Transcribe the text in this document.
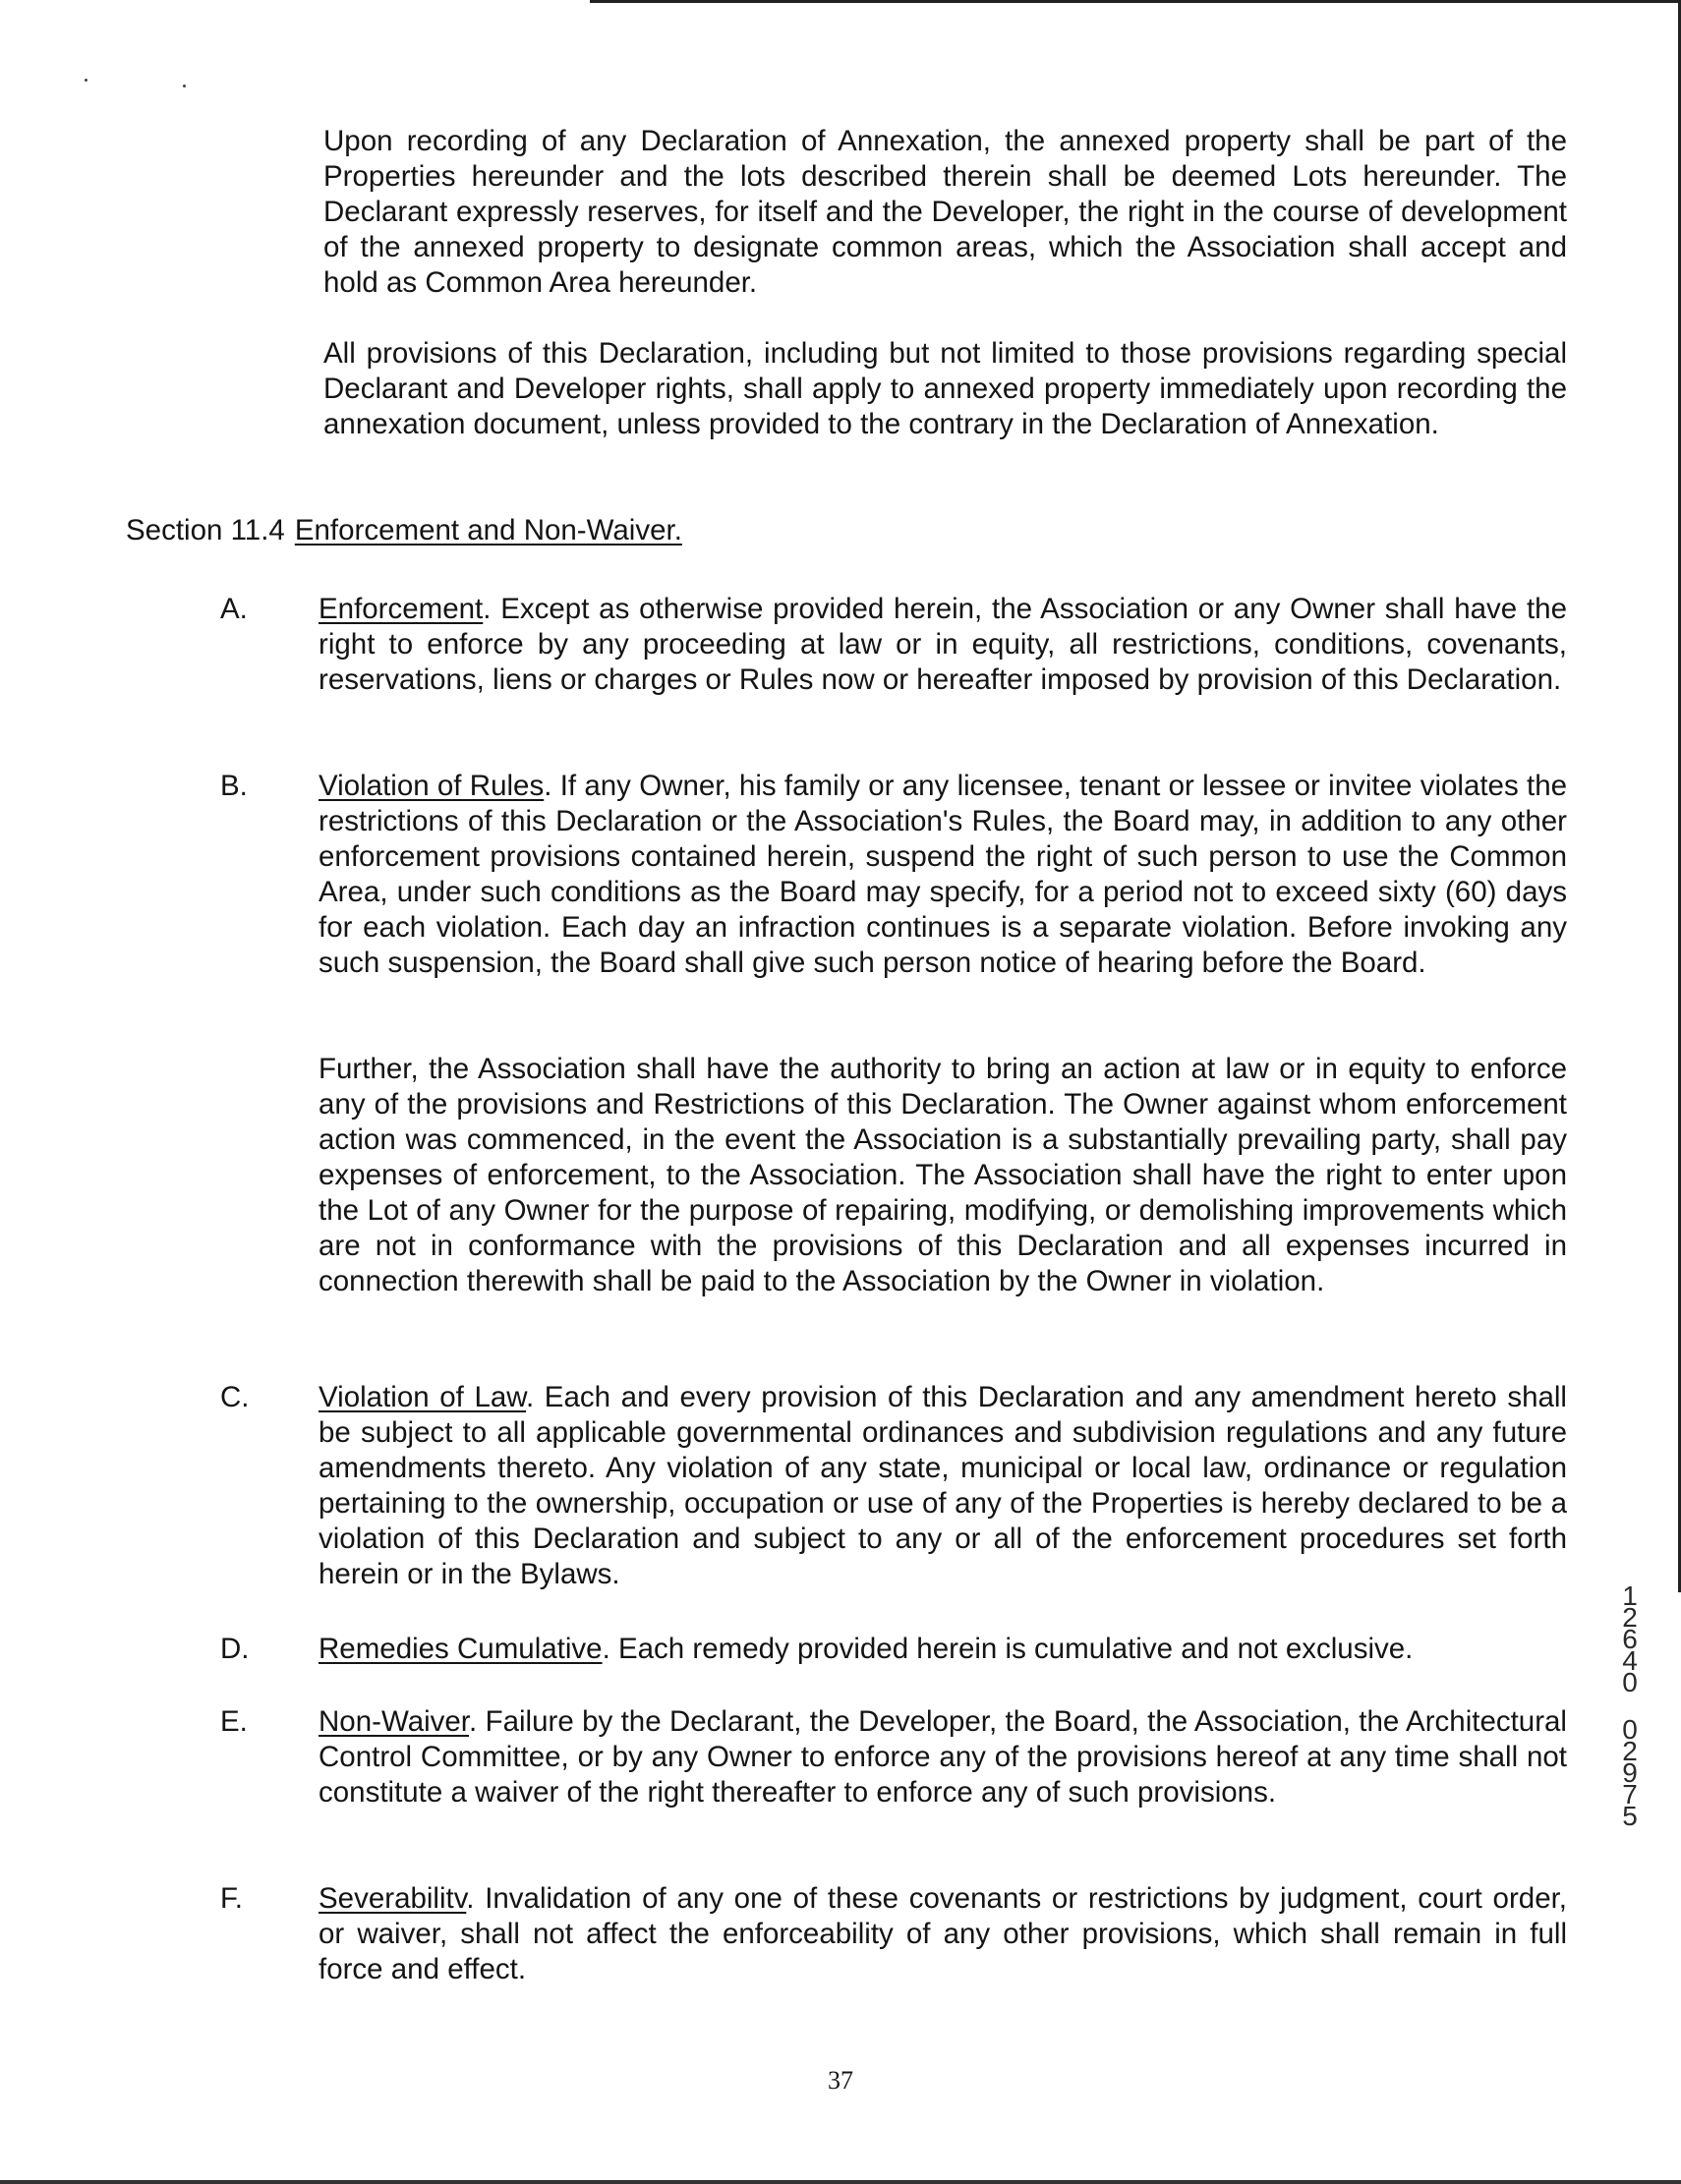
Upon recording of any Declaration of Annexation, the annexed property shall be part of the Properties hereunder and the lots described therein shall be deemed Lots hereunder. The Declarant expressly reserves, for itself and the Developer, the right in the course of development of the annexed property to designate common areas, which the Association shall accept and hold as Common Area hereunder.

All provisions of this Declaration, including but not limited to those provisions regarding special Declarant and Developer rights, shall apply to annexed property immediately upon recording the annexation document, unless provided to the contrary in the Declaration of Annexation.

Section 11.4 Enforcement and Non-Waiver.

A. Enforcement. Except as otherwise provided herein, the Association or any Owner shall have the right to enforce by any proceeding at law or in equity, all restrictions, conditions, covenants, reservations, liens or charges or Rules now or hereafter imposed by provision of this Declaration.

B. Violation of Rules. If any Owner, his family or any licensee, tenant or lessee or invitee violates the restrictions of this Declaration or the Association's Rules, the Board may, in addition to any other enforcement provisions contained herein, suspend the right of such person to use the Common Area, under such conditions as the Board may specify, for a period not to exceed sixty (60) days for each violation. Each day an infraction continues is a separate violation. Before invoking any such suspension, the Board shall give such person notice of hearing before the Board.

Further, the Association shall have the authority to bring an action at law or in equity to enforce any of the provisions and Restrictions of this Declaration. The Owner against whom enforcement action was commenced, in the event the Association is a substantially prevailing party, shall pay expenses of enforcement, to the Association. The Association shall have the right to enter upon the Lot of any Owner for the purpose of repairing, modifying, or demolishing improvements which are not in conformance with the provisions of this Declaration and all expenses incurred in connection therewith shall be paid to the Association by the Owner in violation.

C. Violation of Law. Each and every provision of this Declaration and any amendment hereto shall be subject to all applicable governmental ordinances and subdivision regulations and any future amendments thereto. Any violation of any state, municipal or local law, ordinance or regulation pertaining to the ownership, occupation or use of any of the Properties is hereby declared to be a violation of this Declaration and subject to any or all of the enforcement procedures set forth herein or in the Bylaws.

D. Remedies Cumulative. Each remedy provided herein is cumulative and not exclusive.

E. Non-Waiver. Failure by the Declarant, the Developer, the Board, the Association, the Architectural Control Committee, or by any Owner to enforce any of the provisions hereof at any time shall not constitute a waiver of the right thereafter to enforce any of such provisions.

F.	Severabilitv. Invalidation of any one of these covenants or restrictions by judgment, court order, or waiver, shall not affect the enforceability of any other provisions, which shall remain in full force and effect.

37

1
2
6
4
0
0
2
9
7
5
